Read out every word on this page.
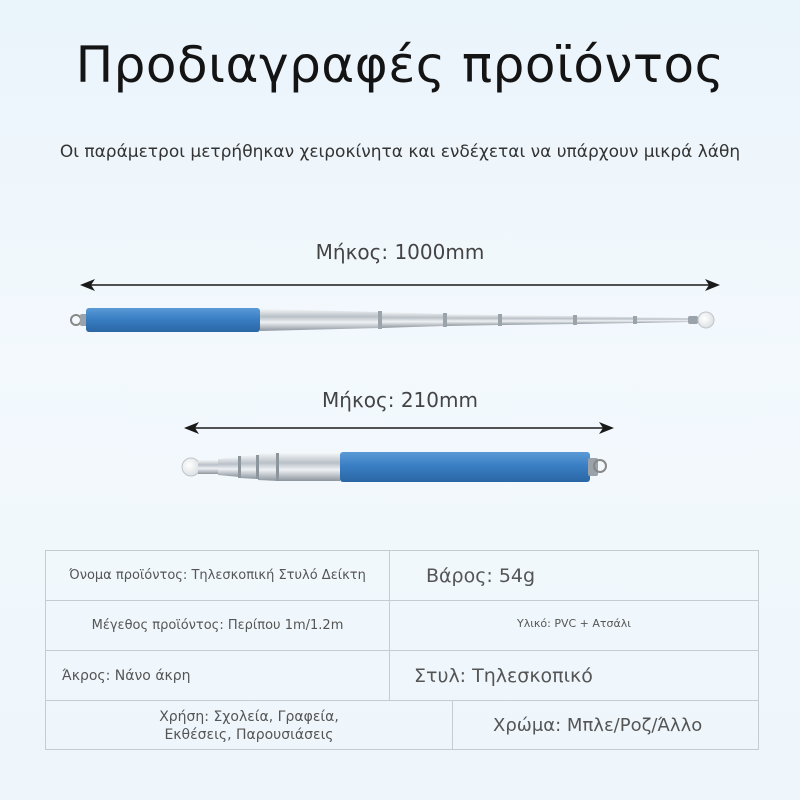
Προδιαγραφές προϊόντος
Οι παράμετροι μετρήθηκαν χειροκίνητα και ενδέχεται να υπάρχουν μικρά λάθη
Μήκος: 1000mm
Μήκος: 210mm
Όνομα προϊόντος: Τηλεσκοπική Στυλό Δείκτη	Βάρος: 54g
Μέγεθος προϊόντος: Περίπου 1m/1.2m	Υλικό: PVC + Ατσάλι
Άκρος: Νάνο άκρη	Στυλ: Τηλεσκοπικό
Χρήση: Σχολεία, Γραφεία, Εκθέσεις, Παρουσιάσεις	Χρώμα: Μπλε/Ροζ/Άλλο
